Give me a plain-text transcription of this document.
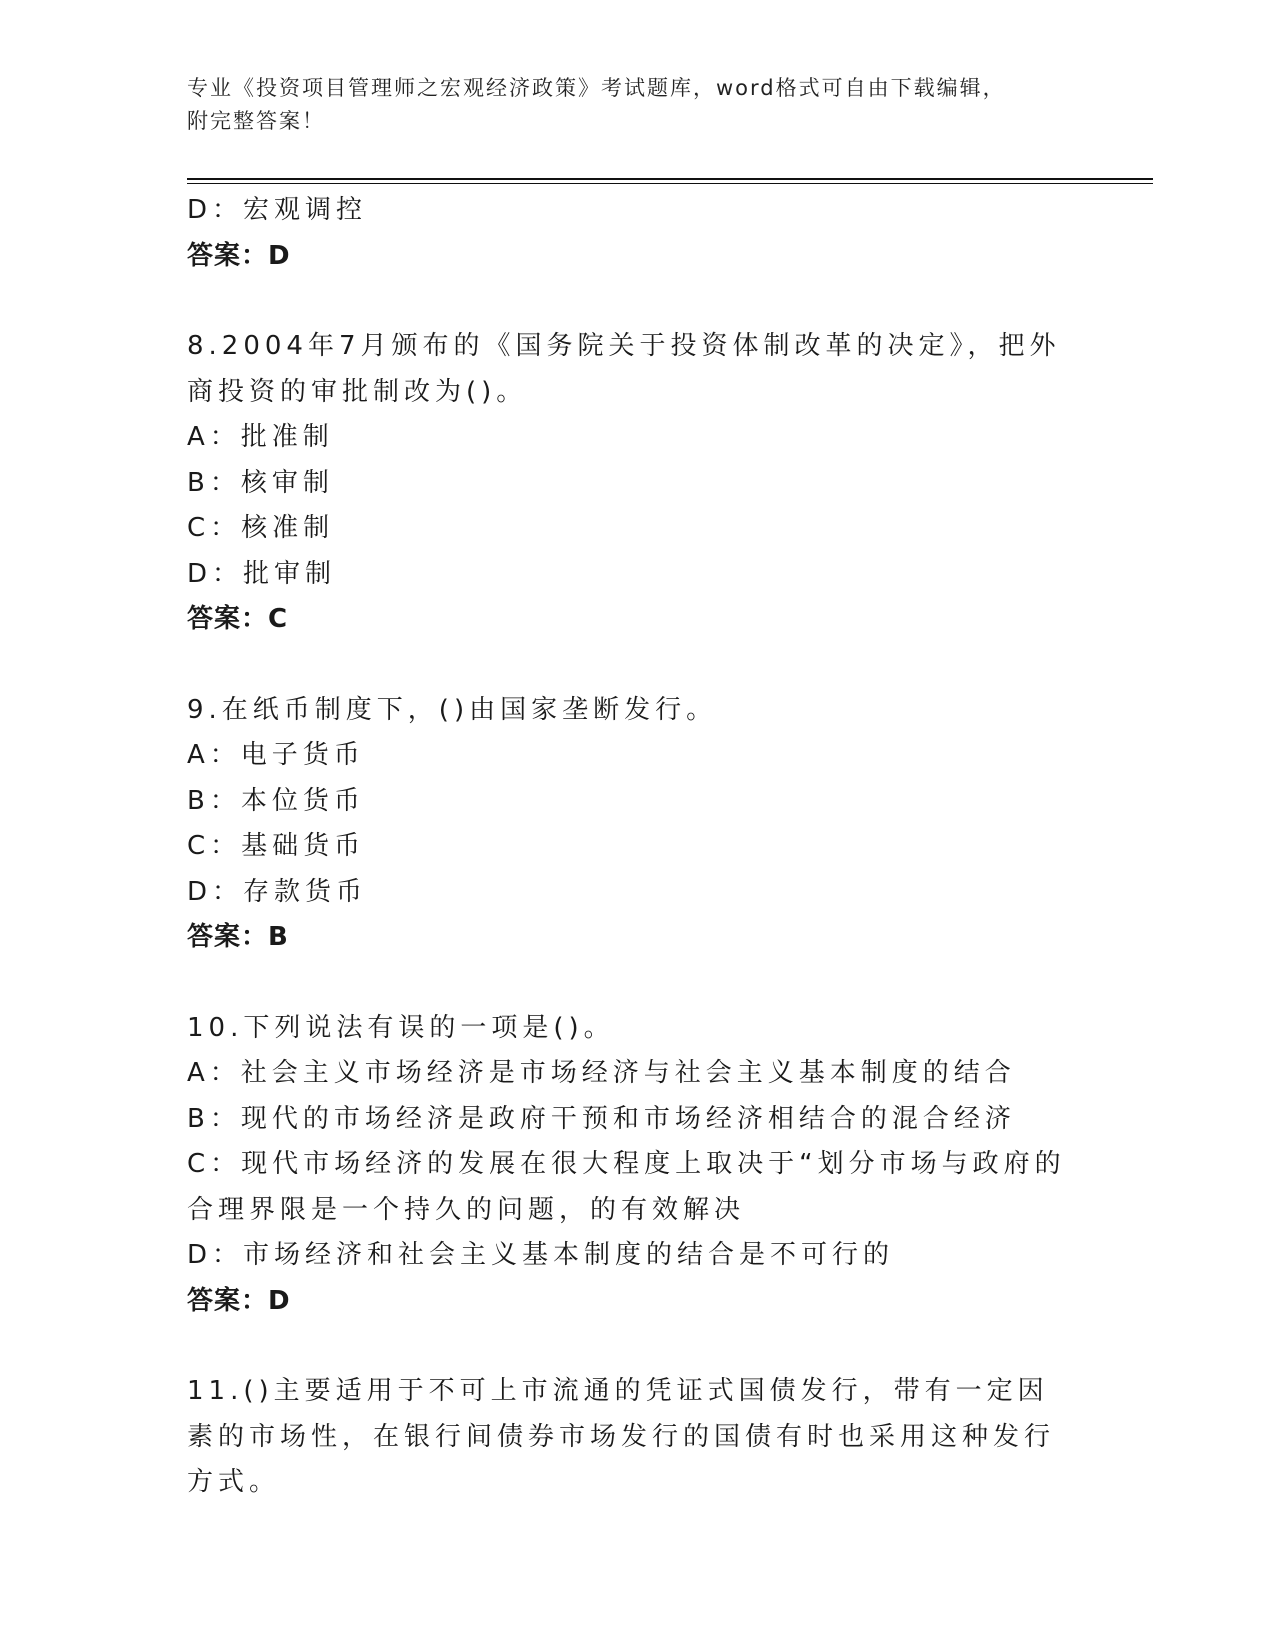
专业《投资项目管理师之宏观经济政策》考试题库，word格式可自由下载编辑，
附完整答案！
D：宏观调控
答案：D
8.2004年7月颁布的《国务院关于投资体制改革的决定》，把外商投资的审批制改为()。
A：批准制
B：核审制
C：核准制
D：批审制
答案：C
9.在纸币制度下，()由国家垄断发行。
A：电子货币
B：本位货币
C：基础货币
D：存款货币
答案：B
10.下列说法有误的一项是()。
A：社会主义市场经济是市场经济与社会主义基本制度的结合
B：现代的市场经济是政府干预和市场经济相结合的混合经济
C：现代市场经济的发展在很大程度上取决于“划分市场与政府的合理界限是一个持久的问题，的有效解决
D：市场经济和社会主义基本制度的结合是不可行的
答案：D
11.()主要适用于不可上市流通的凭证式国债发行，带有一定因素的市场性，在银行间债券市场发行的国债有时也采用这种发行方式。
